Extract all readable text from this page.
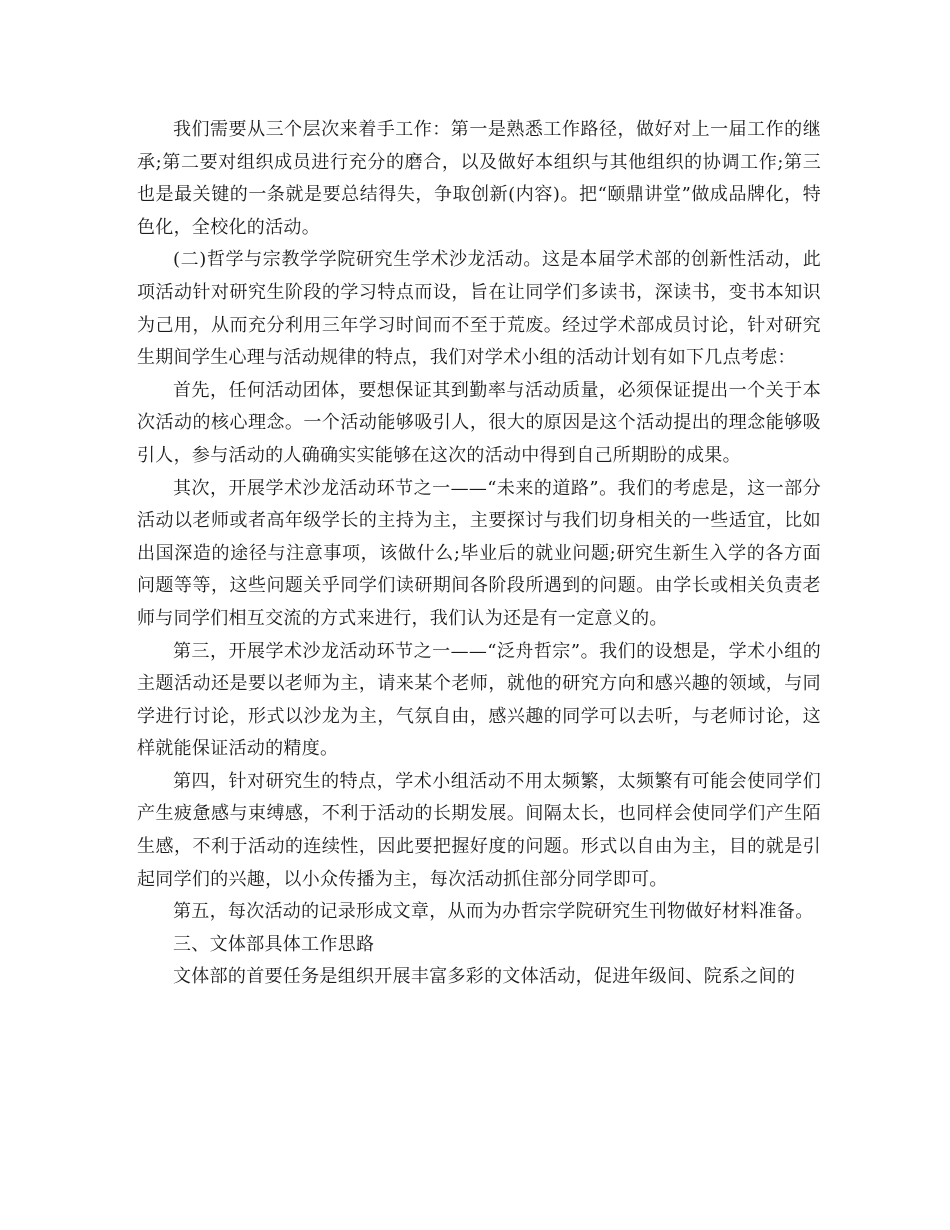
我们需要从三个层次来着手工作：第一是熟悉工作路径，做好对上一届工作的继承;第二要对组织成员进行充分的磨合，以及做好本组织与其他组织的协调工作;第三也是最关键的一条就是要总结得失，争取创新(内容)。把“颐鼎讲堂”做成品牌化，特色化，全校化的活动。

(二)哲学与宗教学学院研究生学术沙龙活动。这是本届学术部的创新性活动，此项活动针对研究生阶段的学习特点而设，旨在让同学们多读书，深读书，变书本知识为己用，从而充分利用三年学习时间而不至于荒废。经过学术部成员讨论，针对研究生期间学生心理与活动规律的特点，我们对学术小组的活动计划有如下几点考虑：

首先，任何活动团体，要想保证其到勤率与活动质量，必须保证提出一个关于本次活动的核心理念。一个活动能够吸引人，很大的原因是这个活动提出的理念能够吸引人，参与活动的人确确实实能够在这次的活动中得到自己所期盼的成果。

其次，开展学术沙龙活动环节之一——“未来的道路”。我们的考虑是，这一部分活动以老师或者高年级学长的主持为主，主要探讨与我们切身相关的一些适宜，比如出国深造的途径与注意事项，该做什么;毕业后的就业问题;研究生新生入学的各方面问题等等，这些问题关乎同学们读研期间各阶段所遇到的问题。由学长或相关负责老师与同学们相互交流的方式来进行，我们认为还是有一定意义的。

第三，开展学术沙龙活动环节之一——“泛舟哲宗”。我们的设想是，学术小组的主题活动还是要以老师为主，请来某个老师，就他的研究方向和感兴趣的领域，与同学进行讨论，形式以沙龙为主，气氛自由，感兴趣的同学可以去听，与老师讨论，这样就能保证活动的精度。

第四，针对研究生的特点，学术小组活动不用太频繁，太频繁有可能会使同学们产生疲惫感与束缚感，不利于活动的长期发展。间隔太长，也同样会使同学们产生陌生感，不利于活动的连续性，因此要把握好度的问题。形式以自由为主，目的就是引起同学们的兴趣，以小众传播为主，每次活动抓住部分同学即可。

第五，每次活动的记录形成文章，从而为办哲宗学院研究生刊物做好材料准备。

三、文体部具体工作思路

文体部的首要任务是组织开展丰富多彩的文体活动，促进年级间、院系之间的
